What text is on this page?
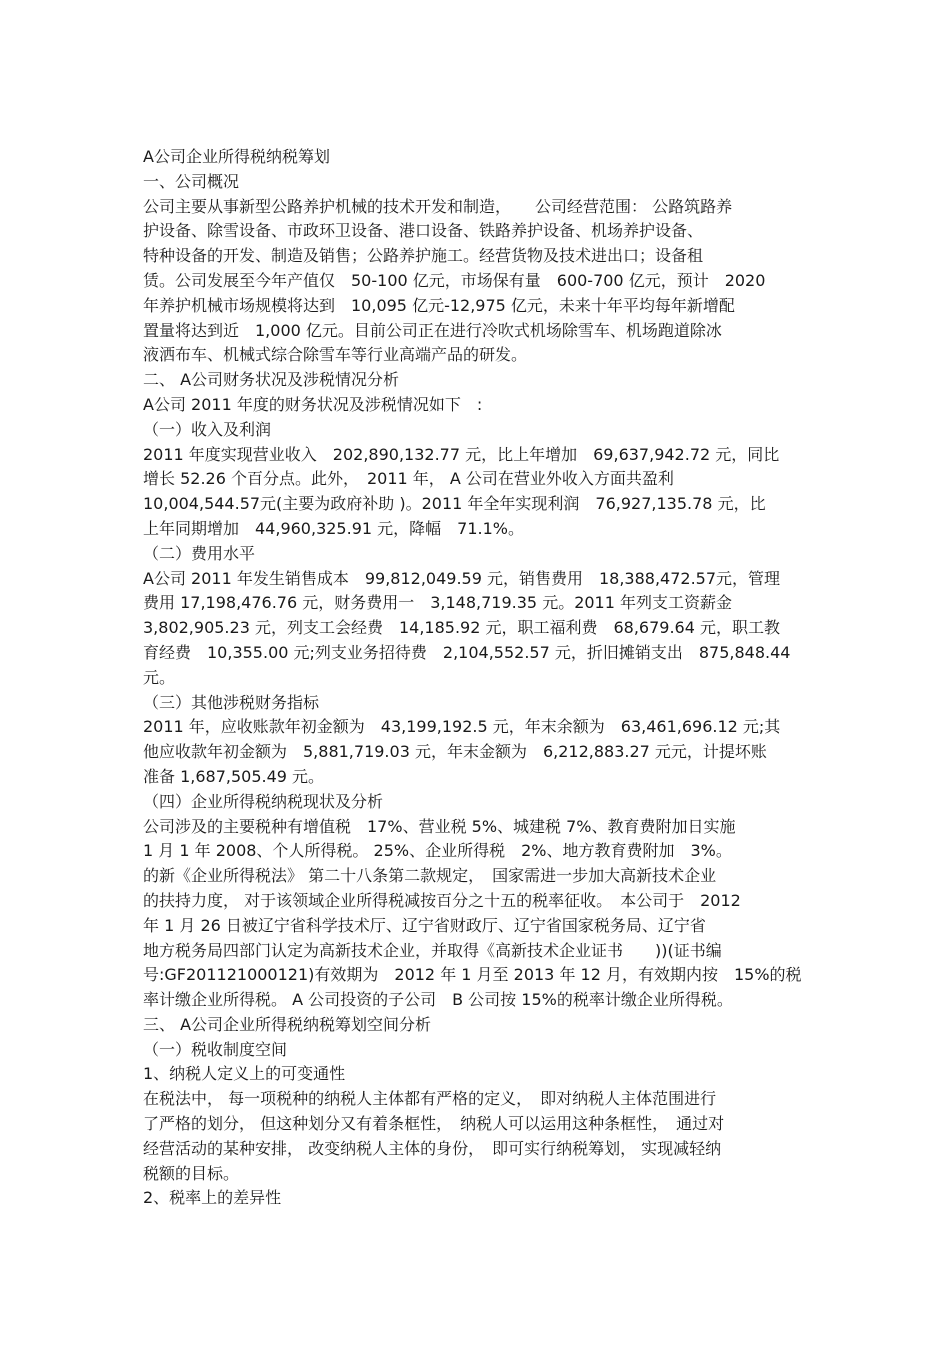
A公司企业所得税纳税筹划

一、公司概况

公司主要从事新型公路养护机械的技术开发和制造，　　公司经营范围： 公路筑路养

护设备、除雪设备、市政环卫设备、港口设备、铁路养护设备、机场养护设备、

特种设备的开发、制造及销售；公路养护施工。经营货物及技术进出口；设备租

赁。公司发展至今年产值仅　50-100 亿元，市场保有量　600-700 亿元，预计　2020

年养护机械市场规模将达到　10,095 亿元-12,975 亿元，未来十年平均每年新增配

置量将达到近　1,000 亿元。目前公司正在进行冷吹式机场除雪车、机场跑道除冰

液洒布车、机械式综合除雪车等行业高端产品的研发。

二、 A公司财务状况及涉税情况分析

A公司 2011 年度的财务状况及涉税情况如下　:

（一）收入及利润

2011 年度实现营业收入　202,890,132.77 元，比上年增加　69,637,942.72 元，同比

增长 52.26 个百分点。此外，　2011 年， A 公司在营业外收入方面共盈利

10,004,544.57元(主要为政府补助 )。2011 年全年实现利润　76,927,135.78 元，比

上年同期增加　44,960,325.91 元，降幅　71.1%。

（二）费用水平

A公司 2011 年发生销售成本　99,812,049.59 元，销售费用　18,388,472.57元，管理

费用 17,198,476.76 元，财务费用一　3,148,719.35 元。2011 年列支工资薪金

3,802,905.23 元，列支工会经费　14,185.92 元，职工福利费　68,679.64 元，职工教

育经费　10,355.00 元;列支业务招待费　2,104,552.57 元，折旧摊销支出　875,848.44

元。

（三）其他涉税财务指标

2011 年，应收账款年初金额为　43,199,192.5 元，年末余额为　63,461,696.12 元;其

他应收款年初金额为　5,881,719.03 元，年末金额为　6,212,883.27 元元，计提坏账

准备 1,687,505.49 元。

（四）企业所得税纳税现状及分析

公司涉及的主要税种有增值税　17%、营业税 5%、城建税 7%、教育费附加日实施

1 月 1 年 2008、个人所得税。 25%、企业所得税　2%、地方教育费附加　3%。

的新《企业所得税法》 第二十八条第二款规定，　国家需进一步加大高新技术企业

的扶持力度， 对于该领域企业所得税减按百分之十五的税率征收。　本公司于　2012

年 1 月 26 日被辽宁省科学技术厅、辽宁省财政厅、辽宁省国家税务局、辽宁省

地方税务局四部门认定为高新技术企业，并取得《高新技术企业证书　　))(证书编

号:GF201121000121)有效期为　2012 年 1 月至 2013 年 12 月，有效期内按　15%的税

率计缴企业所得税。 A 公司投资的子公司　B 公司按 15%的税率计缴企业所得税。

三、 A公司企业所得税纳税筹划空间分析

（一）税收制度空间

1、纳税人定义上的可变通性

在税法中， 每一项税种的纳税人主体都有严格的定义，　即对纳税人主体范围进行

了严格的划分， 但这种划分又有着条框性，　纳税人可以运用这种条框性，　通过对

经营活动的某种安排， 改变纳税人主体的身份，　即可实行纳税筹划， 实现减轻纳

税额的目标。

2、税率上的差异性
